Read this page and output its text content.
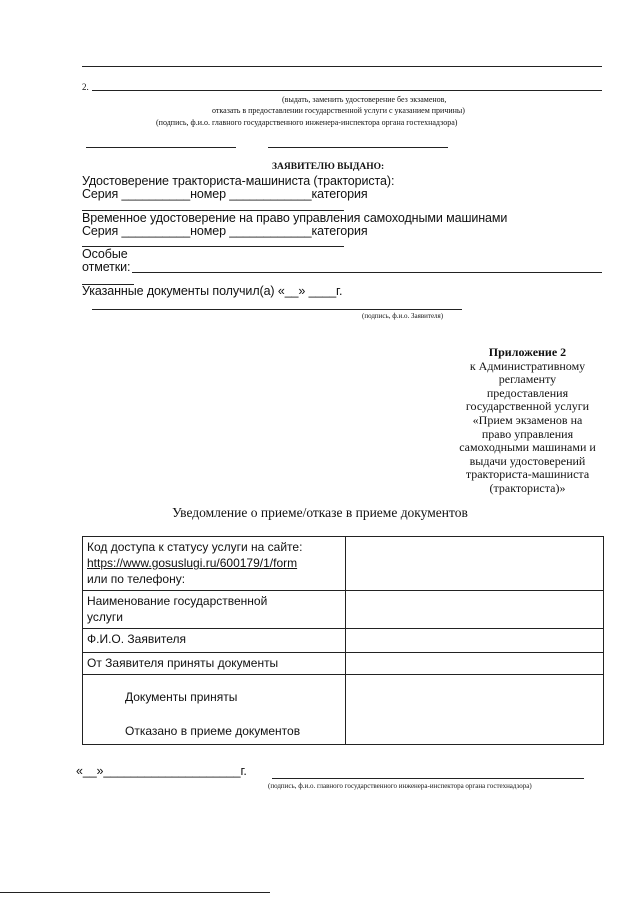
2.
(выдать, заменить удостоверение без экзаменов,
отказать в предоставлении государственной услуги с указанием причины)
(подпись, ф.и.о. главного государственного инженера-инспектора органа гостехнадзора)
ЗАЯВИТЕЛЮ ВЫДАНО:
Удостоверение тракториста-машиниста (тракториста):
Серия __________номер ____________категория
Временное удостоверение на право управления самоходными машинами
Серия __________номер ____________категория
Особые
отметки:
Указанные документы получил(а) «__» ____г.
(подпись, ф.и.о. Заявителя)
Приложение 2
к Административному
регламенту
предоставления
государственной услуги
«Прием экзаменов на
право управления
самоходными машинами и
выдачи удостоверений
тракториста-машиниста
(тракториста)»
Уведомление о приеме/отказе в приеме документов
Код доступа к статусу услуги на сайте:
https://www.gosuslugi.ru/600179/1/form
или по телефону:	

Наименование государственной
услуги	

Ф.И.О. Заявителя	
От Заявителя приняты документы	

Документы приняты
Отказано в приеме документов	

«__»____________________г.
(подпись, ф.и.о. главного государственного инженера-инспектора органа гостехнадзора)
